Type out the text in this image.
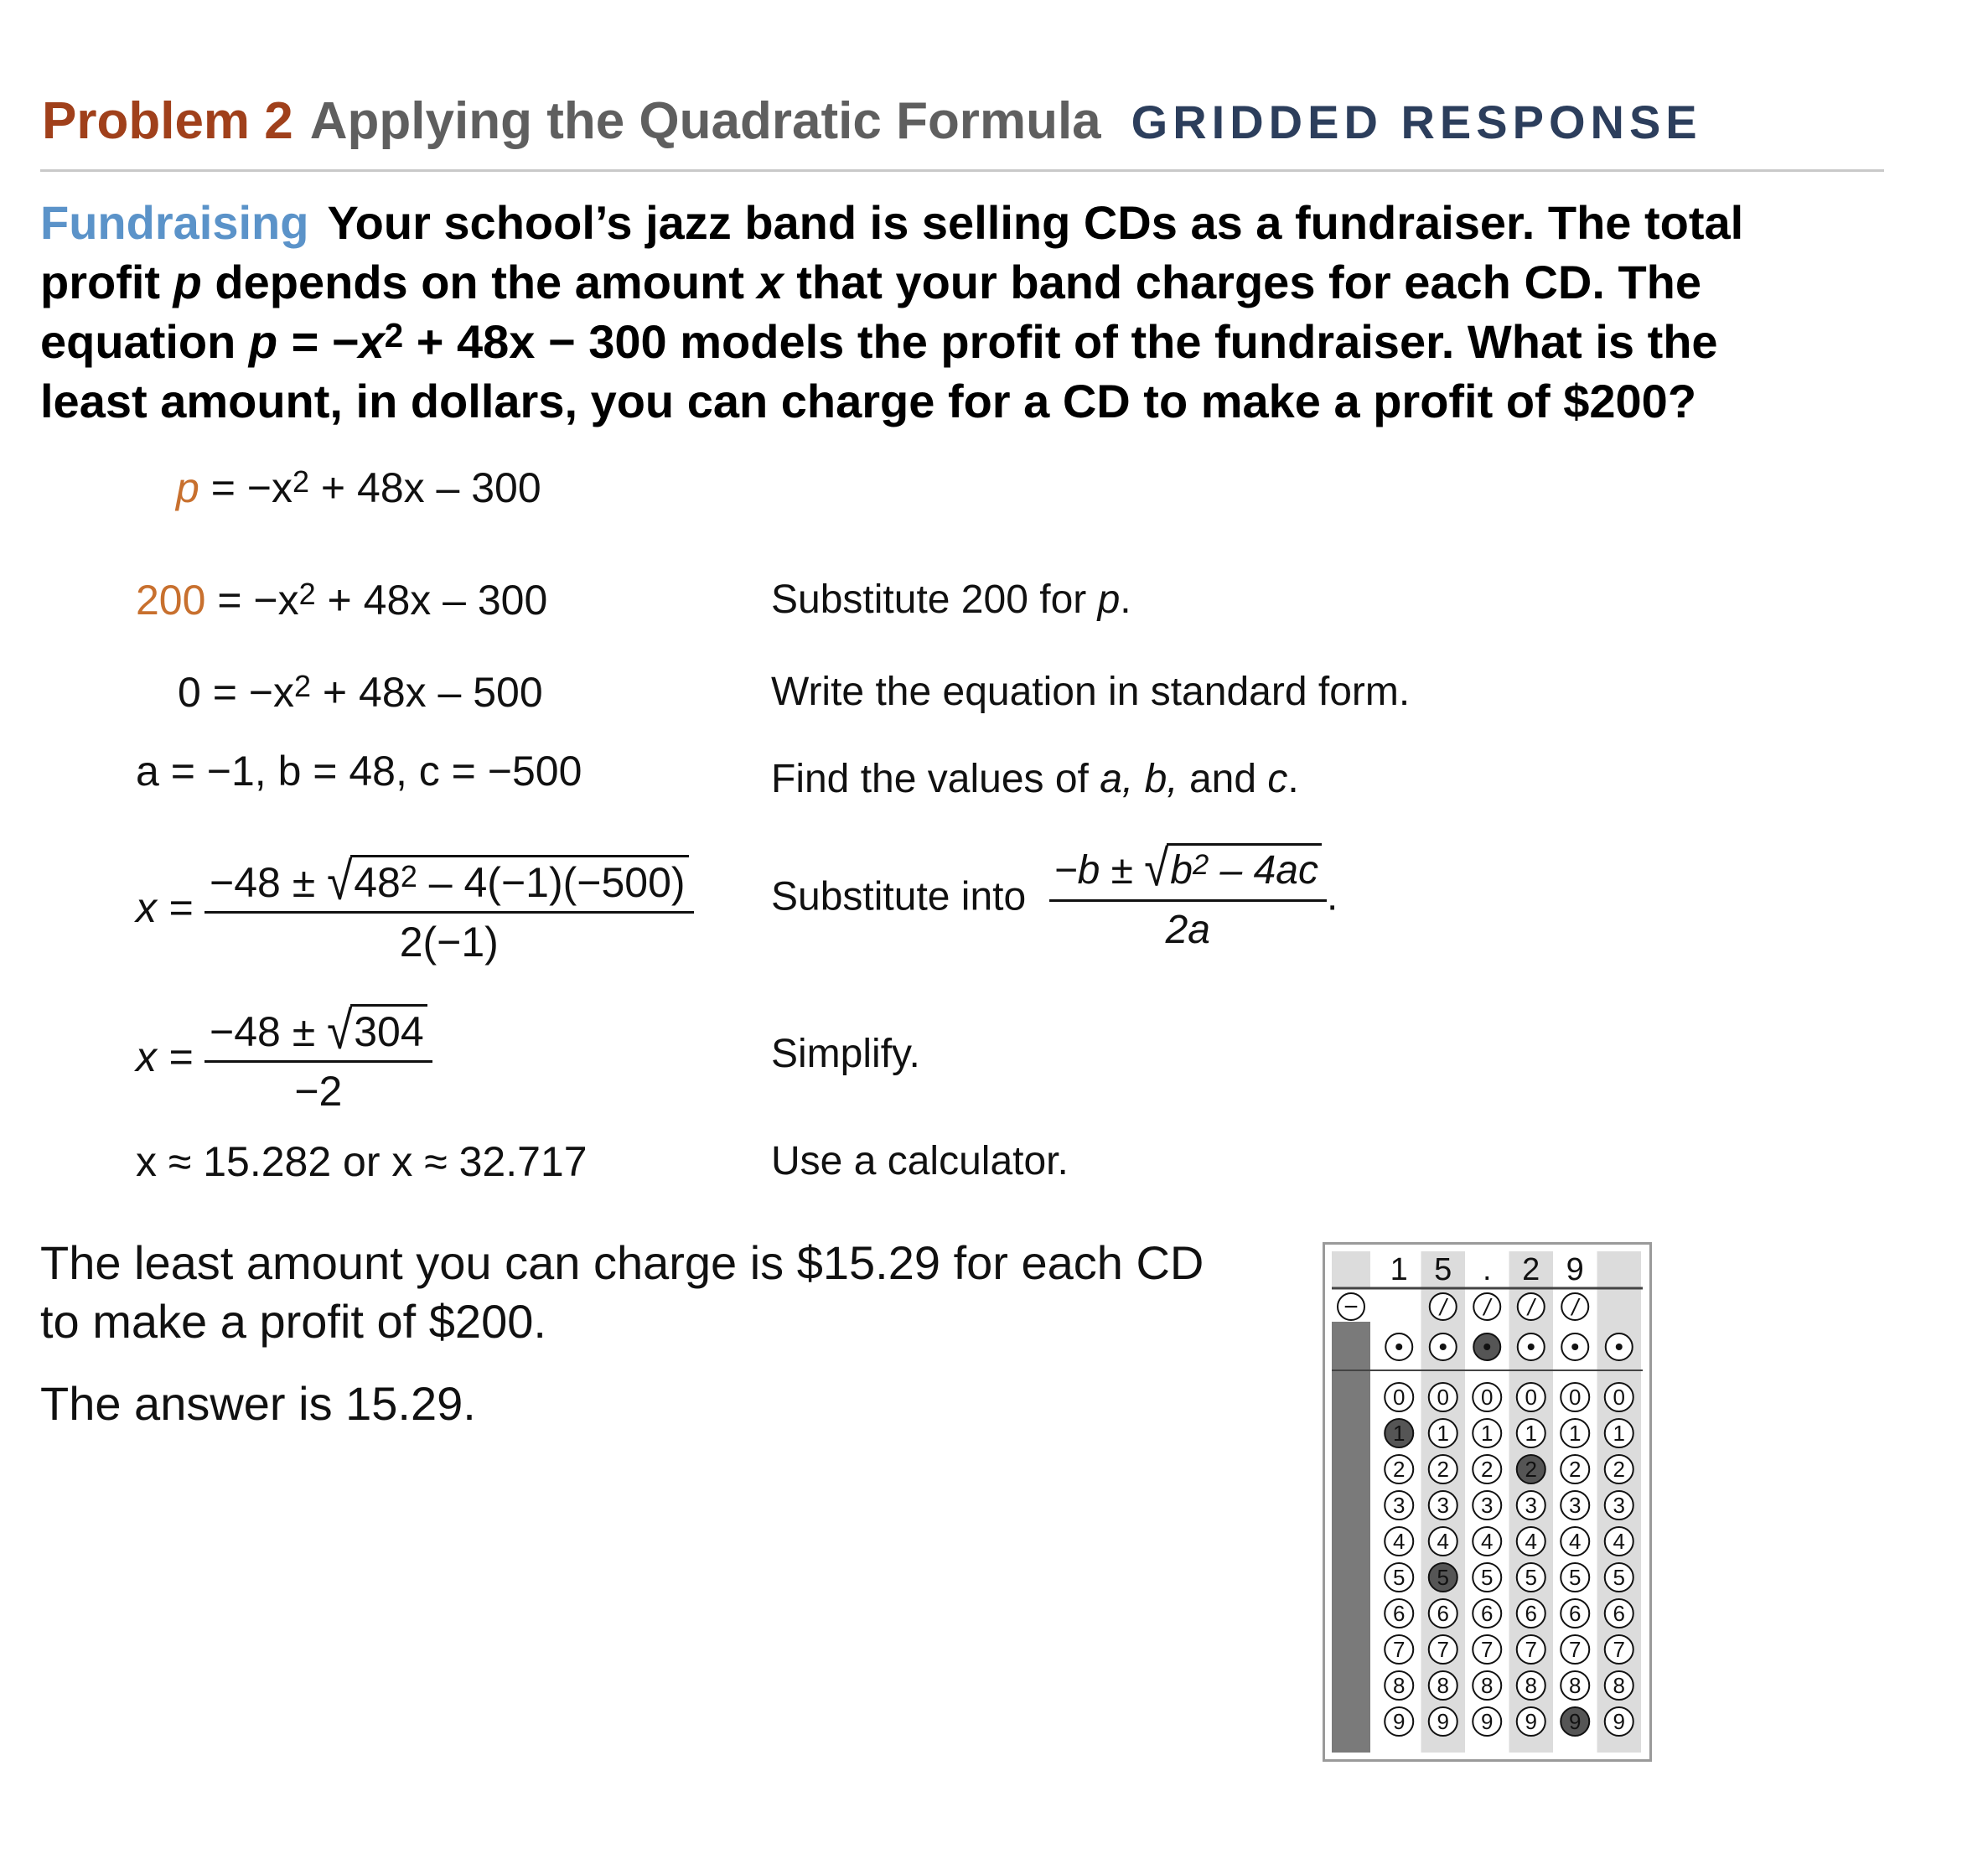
Problem 2 Applying the Quadratic Formula GRIDDED RESPONSE
Fundraising Your school’s jazz band is selling CDs as a fundraiser. The total
profit p depends on the amount x that your band charges for each CD. The
equation $p = -x^2 + 48x - 300$ models the profit of the fundraiser. What is the
least amount, in dollars, you can charge for a CD to make a profit of $200?
$p = -x^2 + 48x - 300$
$200 = -x^2 + 48x - 300$
$0 = -x^2 + 48x - 500$
a = −1, b = 48, c = −500
$x = \frac{-48 \pm √48^2 - 4(-1)(-500)}{2(-1)}$
$x = \frac{-48 \pm √304}{-2}$
x ≈ 15.282 or x ≈ 32.717
Substitute 200 for p.
Write the equation in standard form.
Find the values of a, b, and c.
Substitute into $\frac{-b \pm √b^2 - 4ac}{2a}$ .
Simplify.
Use a calculator.
The least amount you can charge is $15.29 for each CD
to make a profit of $200.
The answer is 15.29.
1 5 . 2 9
−	/ / / /
0
1
2
3
4
5
6
7
8
9
0
1
2
3
4
5
6
7
8
9
0
1
2
3
4
5
6
7
8
9
0
1
2
3
4
5
6
7
8
9
0
1
2
3
4
5
6
7
8
9
0
1
2
3
4
5
6
7
8
9
